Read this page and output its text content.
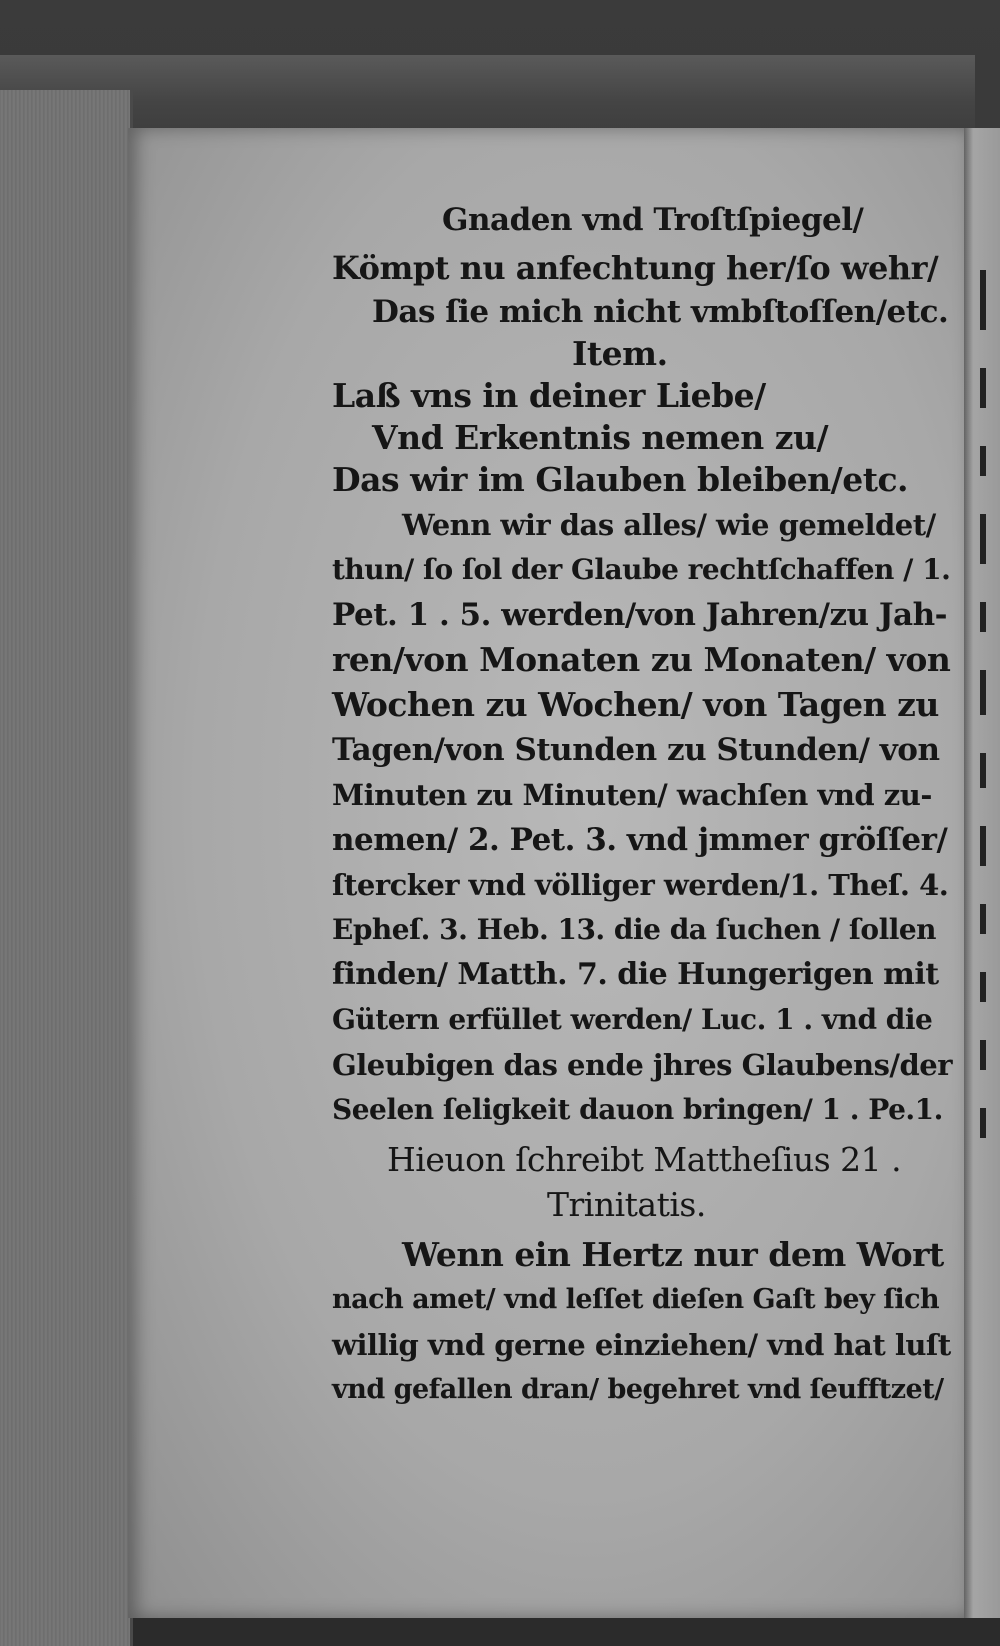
Gnaden vnd Troſtſpiegel/
Kömpt nu anfechtung her/ſo wehr/
Das ſie mich nicht vmbſtoſſen/etc.
Item.
Laß vns in deiner Liebe/
Vnd Erkentnis nemen zu/
Das wir im Glauben bleiben/etc.
Wenn wir das alles/ wie gemeldet/
thun/ ſo ſol der Glaube rechtſchaffen / 1.
Pet. 1 . 5. werden/von Jahren/zu Jah‑
ren/von Monaten zu Monaten/ von
Wochen zu Wochen/ von Tagen zu
Tagen/von Stunden zu Stunden/ von
Minuten zu Minuten/ wachſen vnd zu‑
nemen/ 2. Pet. 3. vnd jmmer gröſſer/
ſtercker vnd völliger werden/1. Theſ. 4.
Epheſ. 3. Heb. 13. die da ſuchen / ſollen
finden/ Matth. 7. die Hungerigen mit
Gütern erfüllet werden/ Luc. 1 . vnd die
Gleubigen das ende jhres Glaubens/der
Seelen ſeligkeit dauon bringen/ 1 . Pe.1.
Hieuon ſchreibt Mattheſius 21 .
Trinitatis.
Wenn ein Hertz nur dem Wort
nach amet/ vnd leſſet dieſen Gaſt bey ſich
willig vnd gerne einziehen/ vnd hat luſt
vnd gefallen dran/ begehret vnd ſeufftzet/
